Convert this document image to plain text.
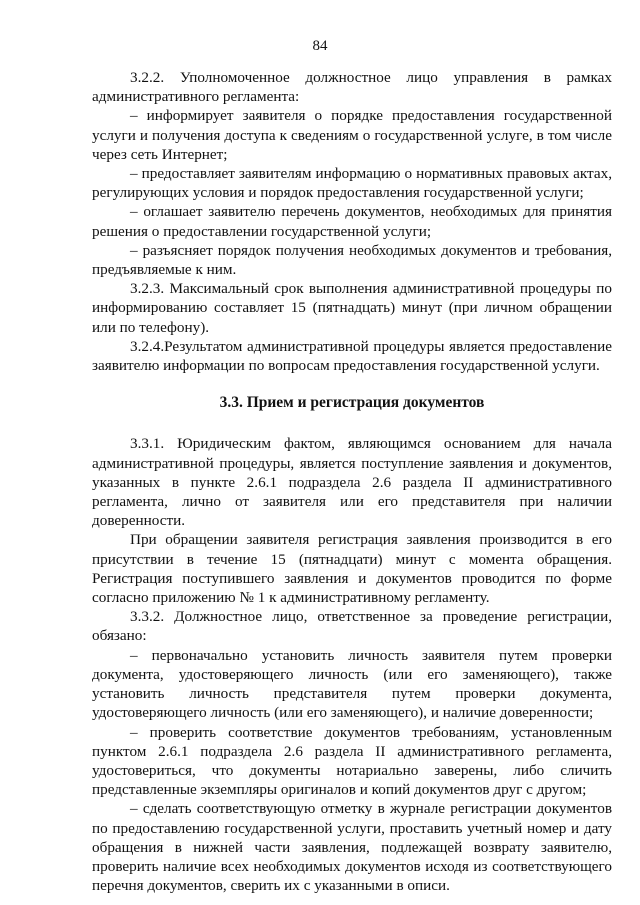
84

3.2.2. Уполномоченное должностное лицо управления в рамках административного регламента:

– информирует заявителя о порядке предоставления государственной услуги и получения доступа к сведениям о государственной услуге, в том числе через сеть Интернет;

– предоставляет заявителям информацию о нормативных правовых актах, регулирующих условия и порядок предоставления государственной услуги;

– оглашает заявителю перечень документов, необходимых для принятия решения о предоставлении государственной услуги;

– разъясняет порядок получения необходимых документов и требования, предъявляемые к ним.

3.2.3. Максимальный срок выполнения административной процедуры по информированию составляет 15 (пятнадцать) минут (при личном обращении или по телефону).

3.2.4.Результатом административной процедуры является предоставление заявителю информации по вопросам предоставления государственной услуги.

3.3. Прием и регистрация документов

3.3.1. Юридическим фактом, являющимся основанием для начала административной процедуры, является поступление заявления и документов, указанных в пункте 2.6.1 подраздела 2.6 раздела II административного регламента, лично от заявителя или его представителя при наличии доверенности.

При обращении заявителя регистрация заявления производится в его присутствии в течение 15 (пятнадцати) минут с момента обращения. Регистрация поступившего заявления и документов проводится по форме согласно приложению № 1 к административному регламенту.

3.3.2. Должностное лицо, ответственное за проведение регистрации, обязано:

– первоначально установить личность заявителя путем проверки документа, удостоверяющего личность (или его заменяющего), также установить личность представителя путем проверки документа, удостоверяющего личность (или его заменяющего), и наличие доверенности;

– проверить соответствие документов требованиям, установленным пунктом 2.6.1 подраздела 2.6 раздела II административного регламента, удостовериться, что документы нотариально заверены, либо сличить представленные экземпляры оригиналов и копий документов друг с другом;

– сделать соответствующую отметку в журнале регистрации документов по предоставлению государственной услуги, проставить учетный номер и дату обращения в нижней части заявления, подлежащей возврату заявителю, проверить наличие всех необходимых документов исходя из соответствующего перечня документов, сверить их с указанными в описи.
